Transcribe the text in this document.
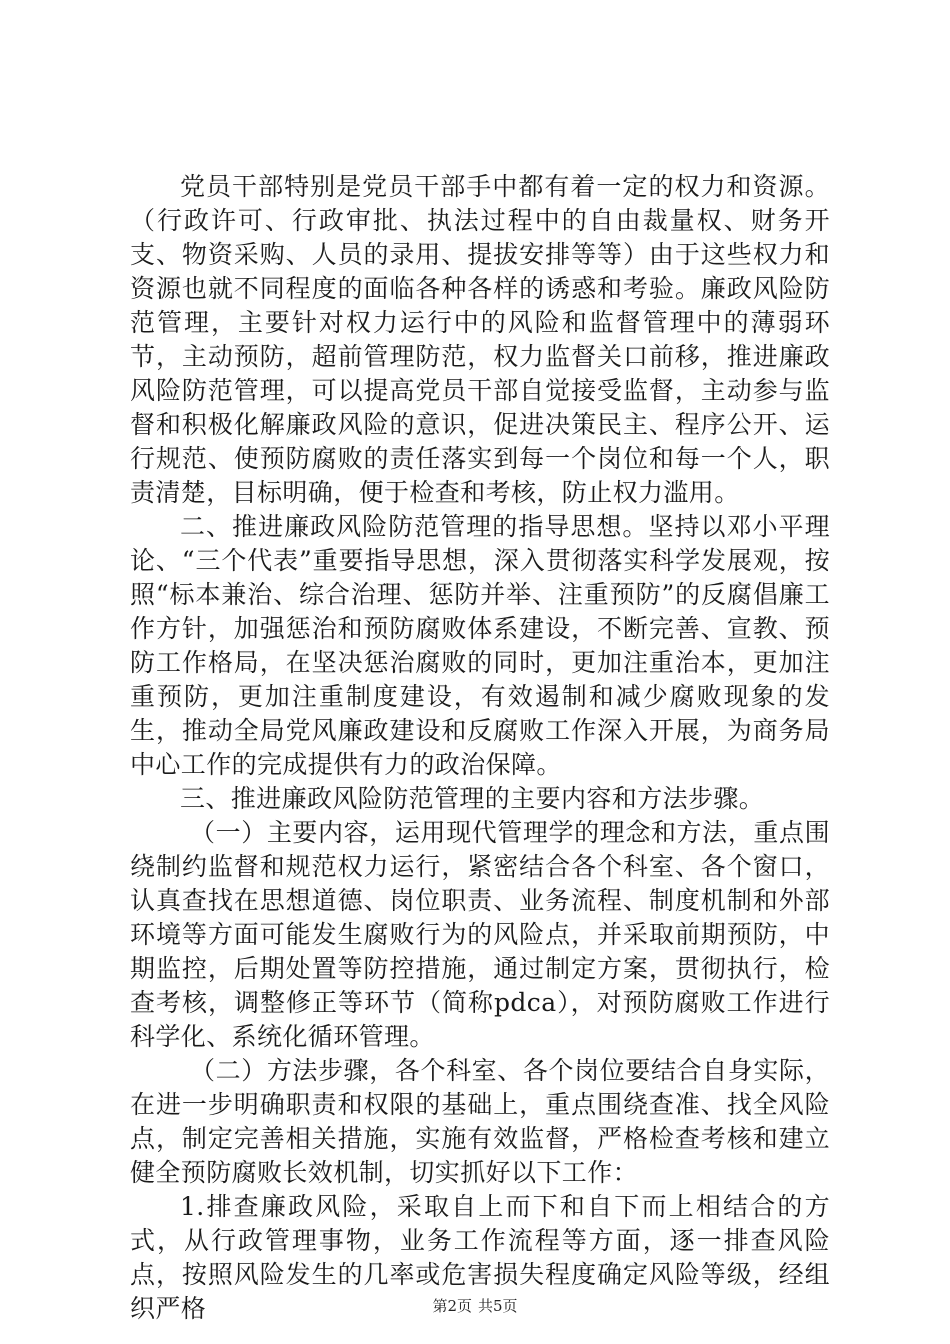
党员干部特别是党员干部手中都有着一定的权力和资源。（行政许可、行政审批、执法过程中的自由裁量权、财务开支、物资采购、人员的录用、提拔安排等等）由于这些权力和资源也就不同程度的面临各种各样的诱惑和考验。廉政风险防范管理，主要针对权力运行中的风险和监督管理中的薄弱环节，主动预防，超前管理防范，权力监督关口前移，推进廉政风险防范管理，可以提高党员干部自觉接受监督，主动参与监督和积极化解廉政风险的意识，促进决策民主、程序公开、运行规范、使预防腐败的责任落实到每一个岗位和每一个人，职责清楚，目标明确，便于检查和考核，防止权力滥用。

二、推进廉政风险防范管理的指导思想。坚持以邓小平理论、“三个代表”重要指导思想，深入贯彻落实科学发展观，按照“标本兼治、综合治理、惩防并举、注重预防”的反腐倡廉工作方针，加强惩治和预防腐败体系建设，不断完善、宣教、预防工作格局，在坚决惩治腐败的同时，更加注重治本，更加注重预防，更加注重制度建设，有效遏制和减少腐败现象的发生，推动全局党风廉政建设和反腐败工作深入开展，为商务局中心工作的完成提供有力的政治保障。

三、推进廉政风险防范管理的主要内容和方法步骤。

（一）主要内容，运用现代管理学的理念和方法，重点围绕制约监督和规范权力运行，紧密结合各个科室、各个窗口，认真查找在思想道德、岗位职责、业务流程、制度机制和外部环境等方面可能发生腐败行为的风险点，并采取前期预防，中期监控，后期处置等防控措施，通过制定方案，贯彻执行，检查考核，调整修正等环节（简称pdca），对预防腐败工作进行科学化、系统化循环管理。

（二）方法步骤，各个科室、各个岗位要结合自身实际，在进一步明确职责和权限的基础上，重点围绕查准、找全风险点，制定完善相关措施，实施有效监督，严格检查考核和建立健全预防腐败长效机制，切实抓好以下工作：

1.排查廉政风险，采取自上而下和自下而上相结合的方式，从行政管理事物，业务工作流程等方面，逐一排查风险点，按照风险发生的几率或危害损失程度确定风险等级，经组织严格	第2页 共5页
